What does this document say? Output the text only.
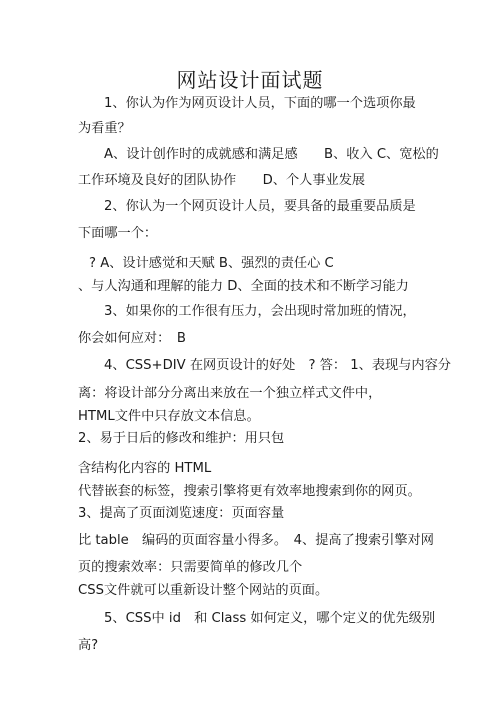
网站设计面试题
1、你认为作为网页设计人员，下面的哪一个选项你最
为看重？
A、设计创作时的成就感和满足感　　B、收入 C、宽松的
工作环境及良好的团队协作　　D、个人事业发展
2、你认为一个网页设计人员，要具备的最重要品质是
下面哪一个：
? A、设计感觉和天赋 B、强烈的责任心 C
、与人沟通和理解的能力 D、全面的技术和不断学习能力
3、如果你的工作很有压力，会出现时常加班的情况，
你会如何应对：　B
4、CSS+DIV 在网页设计的好处　? 答： 1、表现与内容分
离：将设计部分分离出来放在一个独立样式文件中，
HTML文件中只存放文本信息。
2、易于日后的修改和维护：用只包
含结构化内容的 HTML
代替嵌套的标签，搜索引擎将更有效率地搜索到你的网页。
3、提高了页面浏览速度：页面容量
比 table　编码的页面容量小得多。　4、提高了搜索引擎对网
页的搜索效率：只需要简单的修改几个
CSS文件就可以重新设计整个网站的页面。
5、CSS中 id　和 Class 如何定义，哪个定义的优先级别
高?
